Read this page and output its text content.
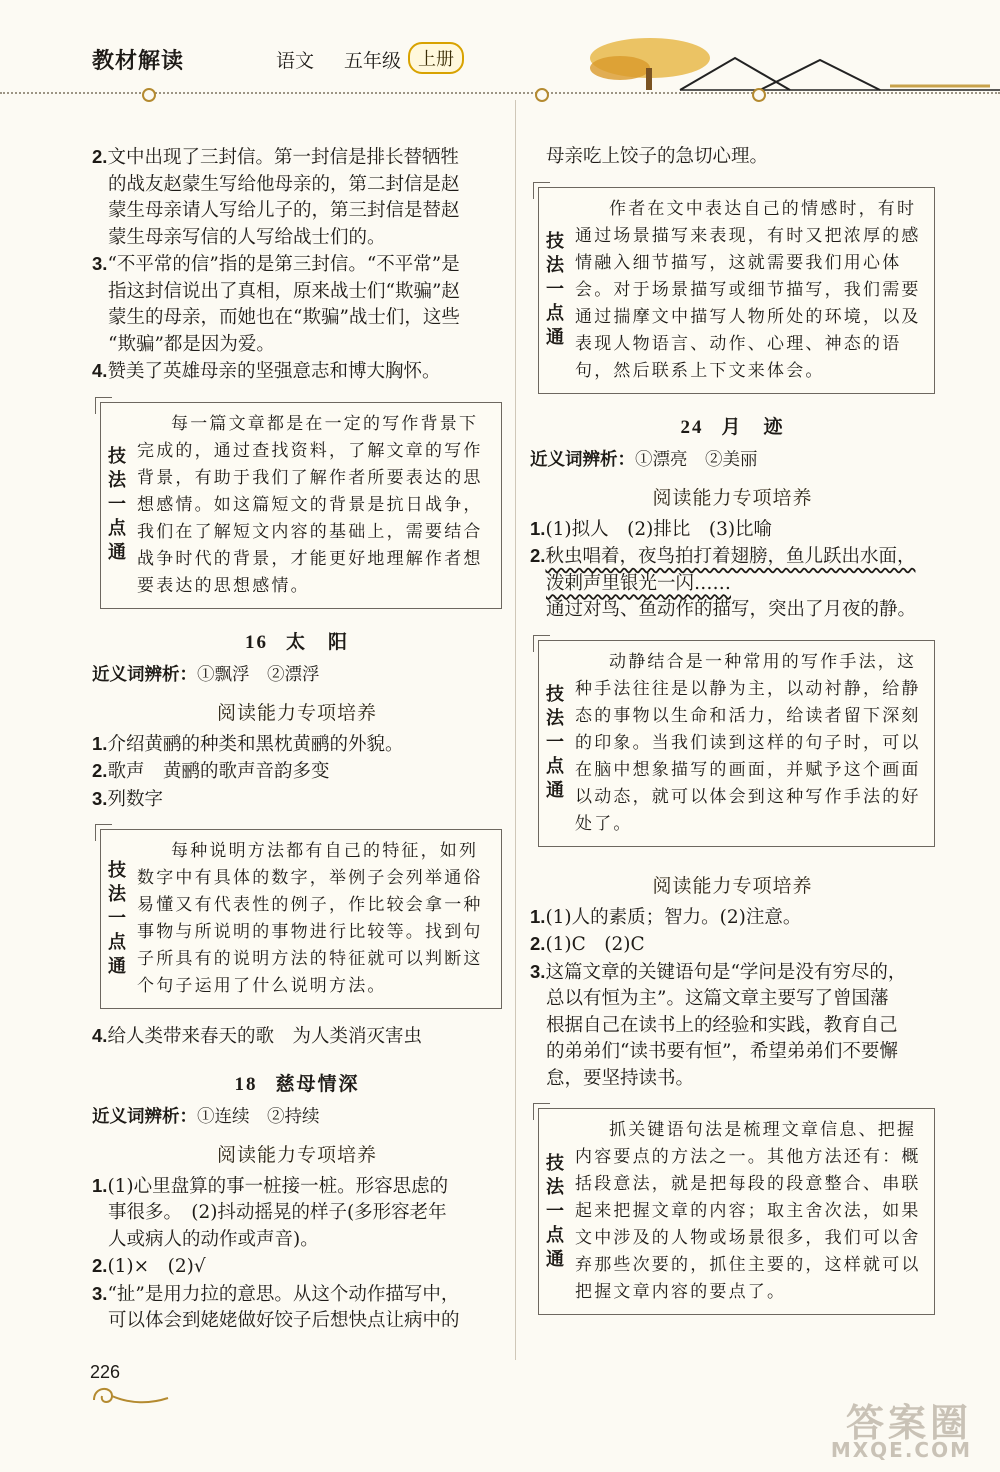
教材解读	语文 五年级 上册

2.文中出现了三封信。第一封信是排长替牺牲

的战友赵蒙生写给他母亲的，第二封信是赵

蒙生母亲请人写给儿子的，第三封信是替赵

蒙生母亲写信的人写给战士们的。

3.“不平常的信”指的是第三封信。“不平常”是

指这封信说出了真相，原来战士们“欺骗”赵

蒙生的母亲，而她也在“欺骗”战士们，这些

“欺骗”都是因为爱。

4.赞美了英雄母亲的坚强意志和博大胸怀。

技
法
一
点
通
每一篇文章都是在一定的写作背景下完成的，通过查找资料，了解文章的写作背景，有助于我们了解作者所要表达的思想感情。如这篇短文的背景是抗日战争，我们在了解短文内容的基础上，需要结合战争时代的背景，才能更好地理解作者想要表达的思想感情。
16 太　阳
近义词辨析：①飘浮　②漂浮
阅读能力专项培养

1.介绍黄鹂的种类和黑枕黄鹂的外貌。

2.歌声　黄鹂的歌声音韵多变

3.列数字

技
法
一
点
通
每种说明方法都有自己的特征，如列数字中有具体的数字，举例子会列举通俗易懂又有代表性的例子，作比较会拿一种事物与所说明的事物进行比较等。找到句子所具有的说明方法的特征就可以判断这个句子运用了什么说明方法。

4.给人类带来春天的歌　为人类消灭害虫

18 慈母情深
近义词辨析：①连续　②持续
阅读能力专项培养

1.(1)心里盘算的事一桩接一桩。形容思虑的

事很多。　(2)抖动摇晃的样子(多形容老年

人或病人的动作或声音)。

2.(1)×　(2)√

3.“扯”是用力拉的意思。从这个动作描写中，

可以体会到姥姥做好饺子后想快点让病中的

母亲吃上饺子的急切心理。

技
法
一
点
通
作者在文中表达自己的情感时，有时通过场景描写来表现，有时又把浓厚的感情融入细节描写，这就需要我们用心体会。对于场景描写或细节描写，我们需要通过揣摩文中描写人物所处的环境，以及表现人物语言、动作、心理、神态的语句，然后联系上下文来体会。
24 月　迹
近义词辨析：①漂亮　②美丽
阅读能力专项培养

1.(1)拟人　(2)排比　(3)比喻

2.秋虫唱着，夜鸟拍打着翅膀，鱼儿跃出水面，

泼剌声里银光一闪……

通过对鸟、鱼动作的描写，突出了月夜的静。

技
法
一
点
通
动静结合是一种常用的写作手法，这种手法往往是以静为主，以动衬静，给静态的事物以生命和活力，给读者留下深刻的印象。当我们读到这样的句子时，可以在脑中想象描写的画面，并赋予这个画面以动态，就可以体会到这种写作手法的好处了。
阅读能力专项培养

1.(1)人的素质；智力。(2)注意。

2.(1)C　(2)C

3.这篇文章的关键语句是“学问是没有穷尽的，

总以有恒为主”。这篇文章主要写了曾国藩

根据自己在读书上的经验和实践，教育自己

的弟弟们“读书要有恒”，希望弟弟们不要懈

怠，要坚持读书。

技
法
一
点
通
抓关键语句法是梳理文章信息、把握内容要点的方法之一。其他方法还有：概括段意法，就是把每段的段意整合、串联起来把握文章的内容；取主舍次法，如果文中涉及的人物或场景很多，我们可以舍弃那些次要的，抓住主要的，这样就可以把握文章内容的要点了。
226
答案圈
MXQE.COM
